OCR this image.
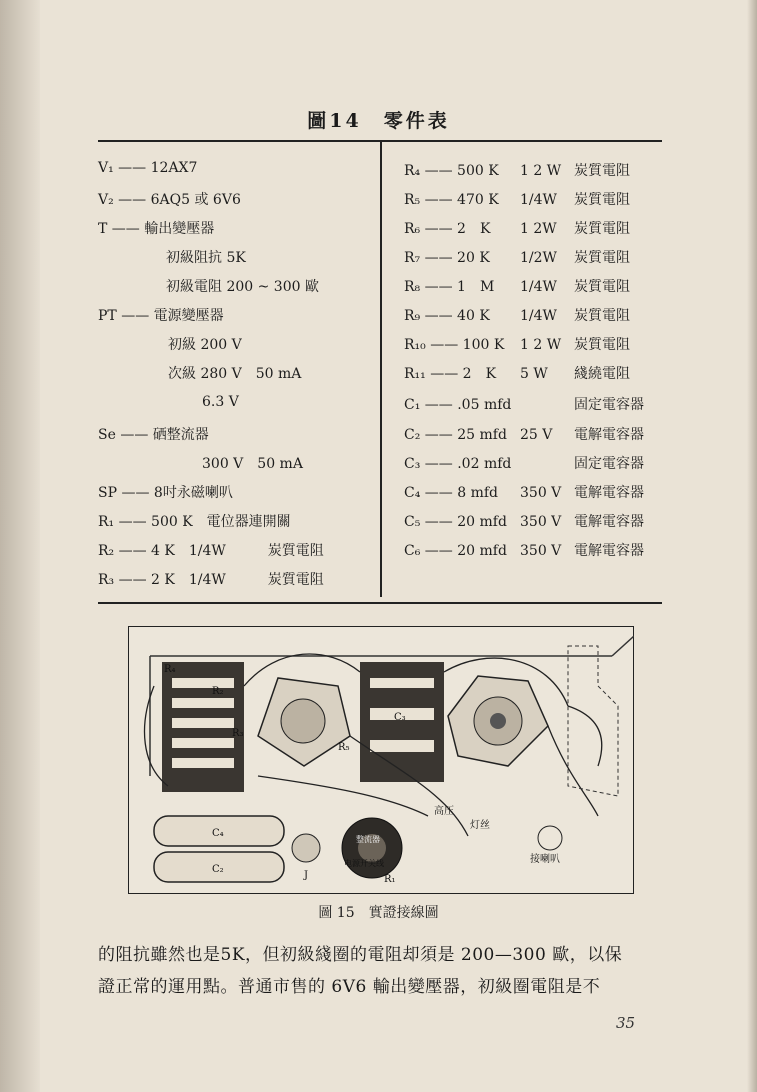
圖14　零件表
V₁ —— 12AX7
V₂ —— 6AQ5 或 6V6
T —— 輸出變壓器
初級阻抗 5K
初級電阻 200 ~ 300 歐
PT —— 電源變壓器
初級 200 V
次級 280 V　50 mA
6.3 V
Se —— 硒整流器
300 V　50 mA
SP —— 8吋永磁喇叭
R₁ —— 500 K　電位器連開關
R₂ —— 4 K　1/4W　　　炭質電阻
R₃ —— 2 K　1/4W　　　炭質電阻
R₄ —— 500 K 1 2 W 炭質電阻
R₅ —— 470 K 1/4W 炭質電阻
R₆ —— 2　K 1 2W 炭質電阻
R₇ —— 20 K 1/2W 炭質電阻
R₈ —— 1　M 1/4W 炭質電阻
R₉ —— 40 K 1/4W 炭質電阻
R₁₀ —— 100 K 1 2 W 炭質電阻
R₁₁ —— 2　K 5 W 綫繞電阻
C₁ —— .05 mfd	固定電容器
C₂ —— 25 mfd 25 V 電解電容器
C₃ —— .02 mfd	固定電容器
C₄ —— 8 mfd 350 V 電解電容器
C₅ —— 20 mfd 350 V 電解電容器
C₆ —— 20 mfd 350 V 電解電容器
R₄
R₂
R₃
R₅
C₃
C₄
C₂
J	R₁
高压
灯丝
接喇叭
整流器
电源开关线
圖 15　實證接線圖
的阻抗雖然也是5K，但初級綫圈的電阻却須是 200—300 歐，以保
證正常的運用點。普通市售的 6V6 輸出變壓器，初級圈電阻是不
35
